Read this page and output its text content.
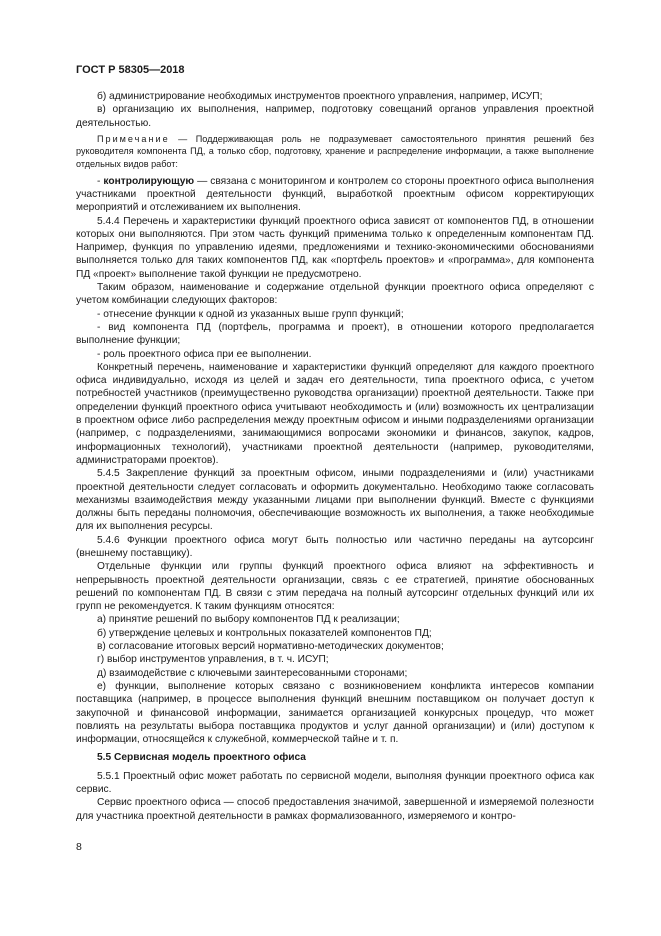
ГОСТ Р 58305—2018

б) администрирование необходимых инструментов проектного управления, например, ИСУП;

в) организацию их выполнения, например, подготовку совещаний органов управления проектной деятельностью.

Примечание — Поддерживающая роль не подразумевает самостоятельного принятия решений без руководителя компонента ПД, а только сбор, подготовку, хранение и распределение информации, а также выполнение отдельных видов работ:

- контролирующую — связана с мониторингом и контролем со стороны проектного офиса выполнения участниками проектной деятельности функций, выработкой проектным офисом корректирующих мероприятий и отслеживанием их выполнения.

5.4.4 Перечень и характеристики функций проектного офиса зависят от компонентов ПД, в отношении которых они выполняются. При этом часть функций применима только к определенным компонентам ПД. Например, функция по управлению идеями, предложениями и технико-экономическими обоснованиями выполняется только для таких компонентов ПД, как «портфель проектов» и «программа», для компонента ПД «проект» выполнение такой функции не предусмотрено.

Таким образом, наименование и содержание отдельной функции проектного офиса определяют с учетом комбинации следующих факторов:

- отнесение функции к одной из указанных выше групп функций;

- вид компонента ПД (портфель, программа и проект), в отношении которого предполагается выполнение функции;

- роль проектного офиса при ее выполнении.

Конкретный перечень, наименование и характеристики функций определяют для каждого проектного офиса индивидуально, исходя из целей и задач его деятельности, типа проектного офиса, с учетом потребностей участников (преимущественно руководства организации) проектной деятельности. Также при определении функций проектного офиса учитывают необходимость и (или) возможность их централизации в проектном офисе либо распределения между проектным офисом и иными подразделениями организации (например, с подразделениями, занимающимися вопросами экономики и финансов, закупок, кадров, информационных технологий), участниками проектной деятельности (например, руководителями, администраторами проектов).

5.4.5 Закрепление функций за проектным офисом, иными подразделениями и (или) участниками проектной деятельности следует согласовать и оформить документально. Необходимо также согласовать механизмы взаимодействия между указанными лицами при выполнении функций. Вместе с функциями должны быть переданы полномочия, обеспечивающие возможность их выполнения, а также необходимые для их выполнения ресурсы.

5.4.6 Функции проектного офиса могут быть полностью или частично переданы на аутсорсинг (внешнему поставщику).

Отдельные функции или группы функций проектного офиса влияют на эффективность и непрерывность проектной деятельности организации, связь с ее стратегией, принятие обоснованных решений по компонентам ПД. В связи с этим передача на полный аутсорсинг отдельных функций или их групп не рекомендуется. К таким функциям относятся:

а) принятие решений по выбору компонентов ПД к реализации;

б) утверждение целевых и контрольных показателей компонентов ПД;

в) согласование итоговых версий нормативно-методических документов;

г) выбор инструментов управления, в т. ч. ИСУП;

д) взаимодействие с ключевыми заинтересованными сторонами;

е) функции, выполнение которых связано с возникновением конфликта интересов компании поставщика (например, в процессе выполнения функций внешним поставщиком он получает доступ к закупочной и финансовой информации, занимается организацией конкурсных процедур, что может повлиять на результаты выбора поставщика продуктов и услуг данной организации) и (или) доступом к информации, относящейся к служебной, коммерческой тайне и т. п.

5.5 Сервисная модель проектного офиса

5.5.1 Проектный офис может работать по сервисной модели, выполняя функции проектного офиса как сервис.

Сервис проектного офиса — способ предоставления значимой, завершенной и измеряемой полезности для участника проектной деятельности в рамках формализованного, измеряемого и контро-

8
